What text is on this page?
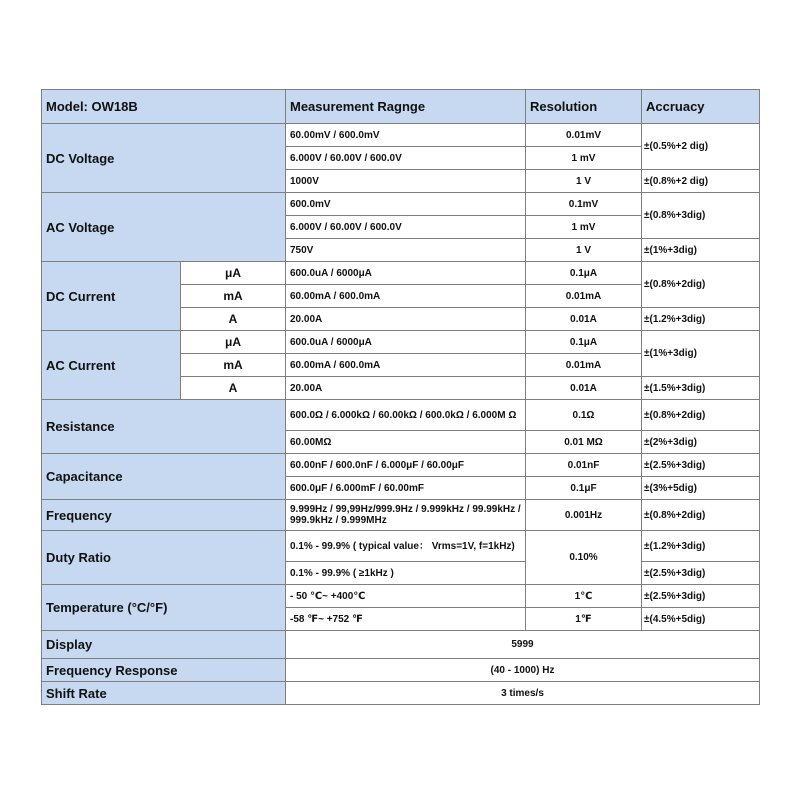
Model: OW18B		Measurement Ragnge	Resolution	Accruacy
DC Voltage		60.00mV / 600.0mV	0.01mV	±(0.5%+2 dig)
		6.000V / 60.00V / 600.0V	1 mV	
		1000V	1 V	±(0.8%+2 dig)
AC Voltage		600.0mV	0.1mV	±(0.8%+3dig)
		6.000V / 60.00V / 600.0V	1 mV	
		750V	1 V	±(1%+3dig)
DC Current	μA	600.0uA / 6000μA	0.1μA	±(0.8%+2dig)
	mA	60.00mA / 600.0mA	0.01mA	
	A	20.00A	0.01A	±(1.2%+3dig)
AC Current	μA	600.0uA / 6000μA	0.1μA	±(1%+3dig)
	mA	60.00mA / 600.0mA	0.01mA	
	A	20.00A	0.01A	±(1.5%+3dig)
Resistance		600.0Ω / 6.000kΩ / 60.00kΩ / 600.0kΩ / 6.000M Ω	0.1Ω	±(0.8%+2dig)
		60.00MΩ	0.01 MΩ	±(2%+3dig)
Capacitance		60.00nF / 600.0nF / 6.000μF / 60.00μF	0.01nF	±(2.5%+3dig)
		600.0μF / 6.000mF / 60.00mF	0.1μF	±(3%+5dig)
Frequency		9.999Hz / 99,99Hz/999.9Hz / 9.999kHz / 99.99kHz / 999.9kHz / 9.999MHz	0.001Hz	±(0.8%+2dig)
Duty Ratio		0.1% - 99.9% ( typical value： Vrms=1V, f=1kHz)	0.10%	±(1.2%+3dig)
		0.1% - 99.9% ( ≥1kHz )		±(2.5%+3dig)
Temperature (°C/°F)		- 50 ℃~ +400℃	1℃	±(2.5%+3dig)
		-58 ℉~ +752 ℉	1℉	±(4.5%+5dig)
Display		5999		
Frequency Response		(40 - 1000) Hz		
Shift Rate		3 times/s		
